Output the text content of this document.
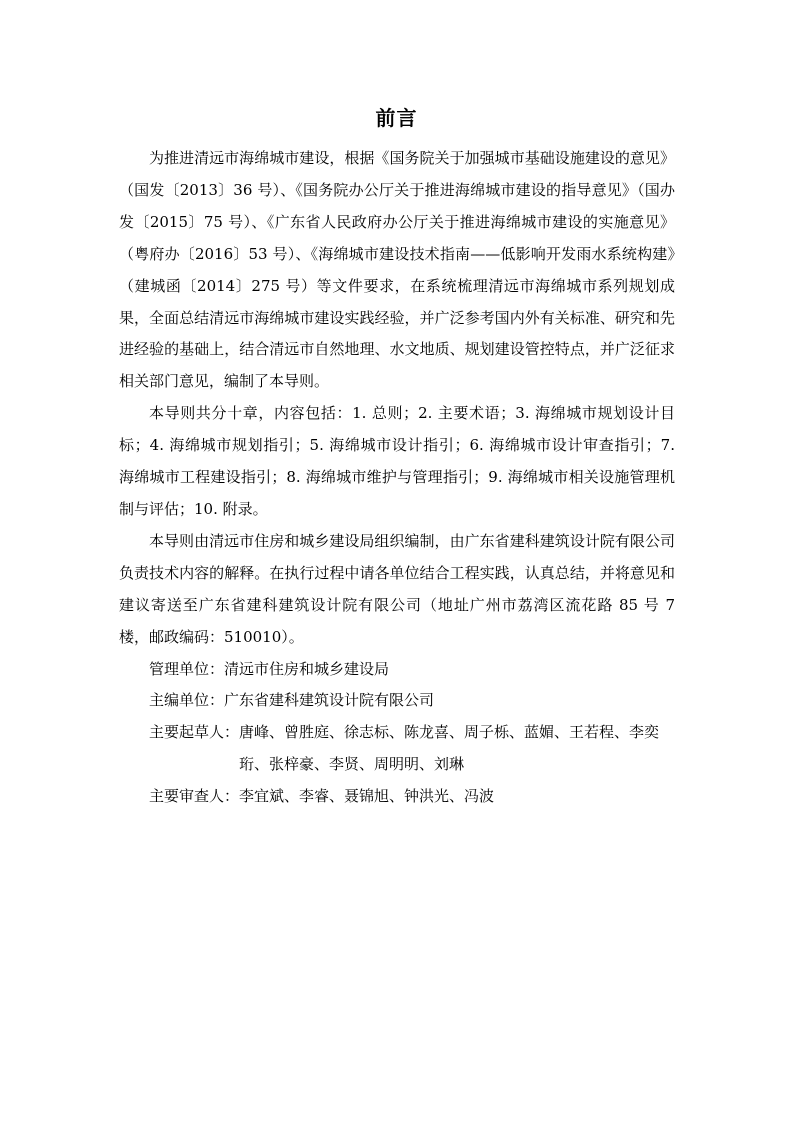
前言

为推进清远市海绵城市建设，根据《国务院关于加强城市基础设施建设的意见》（国发〔2013〕36 号）、《国务院办公厅关于推进海绵城市建设的指导意见》（国办发〔2015〕75 号）、《广东省人民政府办公厅关于推进海绵城市建设的实施意见》（粤府办〔2016〕53 号）、《海绵城市建设技术指南——低影响开发雨水系统构建》（建城函〔2014〕275 号）等文件要求，在系统梳理清远市海绵城市系列规划成果，全面总结清远市海绵城市建设实践经验，并广泛参考国内外有关标准、研究和先进经验的基础上，结合清远市自然地理、水文地质、规划建设管控特点，并广泛征求相关部门意见，编制了本导则。

本导则共分十章，内容包括：1. 总则；2. 主要术语；3. 海绵城市规划设计目标；4. 海绵城市规划指引；5. 海绵城市设计指引；6. 海绵城市设计审查指引；7. 海绵城市工程建设指引；8. 海绵城市维护与管理指引；9. 海绵城市相关设施管理机制与评估；10. 附录。

本导则由清远市住房和城乡建设局组织编制，由广东省建科建筑设计院有限公司负责技术内容的解释。在执行过程中请各单位结合工程实践，认真总结，并将意见和建议寄送至广东省建科建筑设计院有限公司（地址广州市荔湾区流花路 85 号 7 楼，邮政编码：510010）。

管理单位：清远市住房和城乡建设局

主编单位：广东省建科建筑设计院有限公司

主要起草人： 唐峰、曾胜庭、徐志标、陈龙喜、周子栎、蓝媚、王若程、李奕珩、张梓豪、李贤、周明明、刘琳
主要审查人： 李宜斌、李睿、聂锦旭、钟洪光、冯波
